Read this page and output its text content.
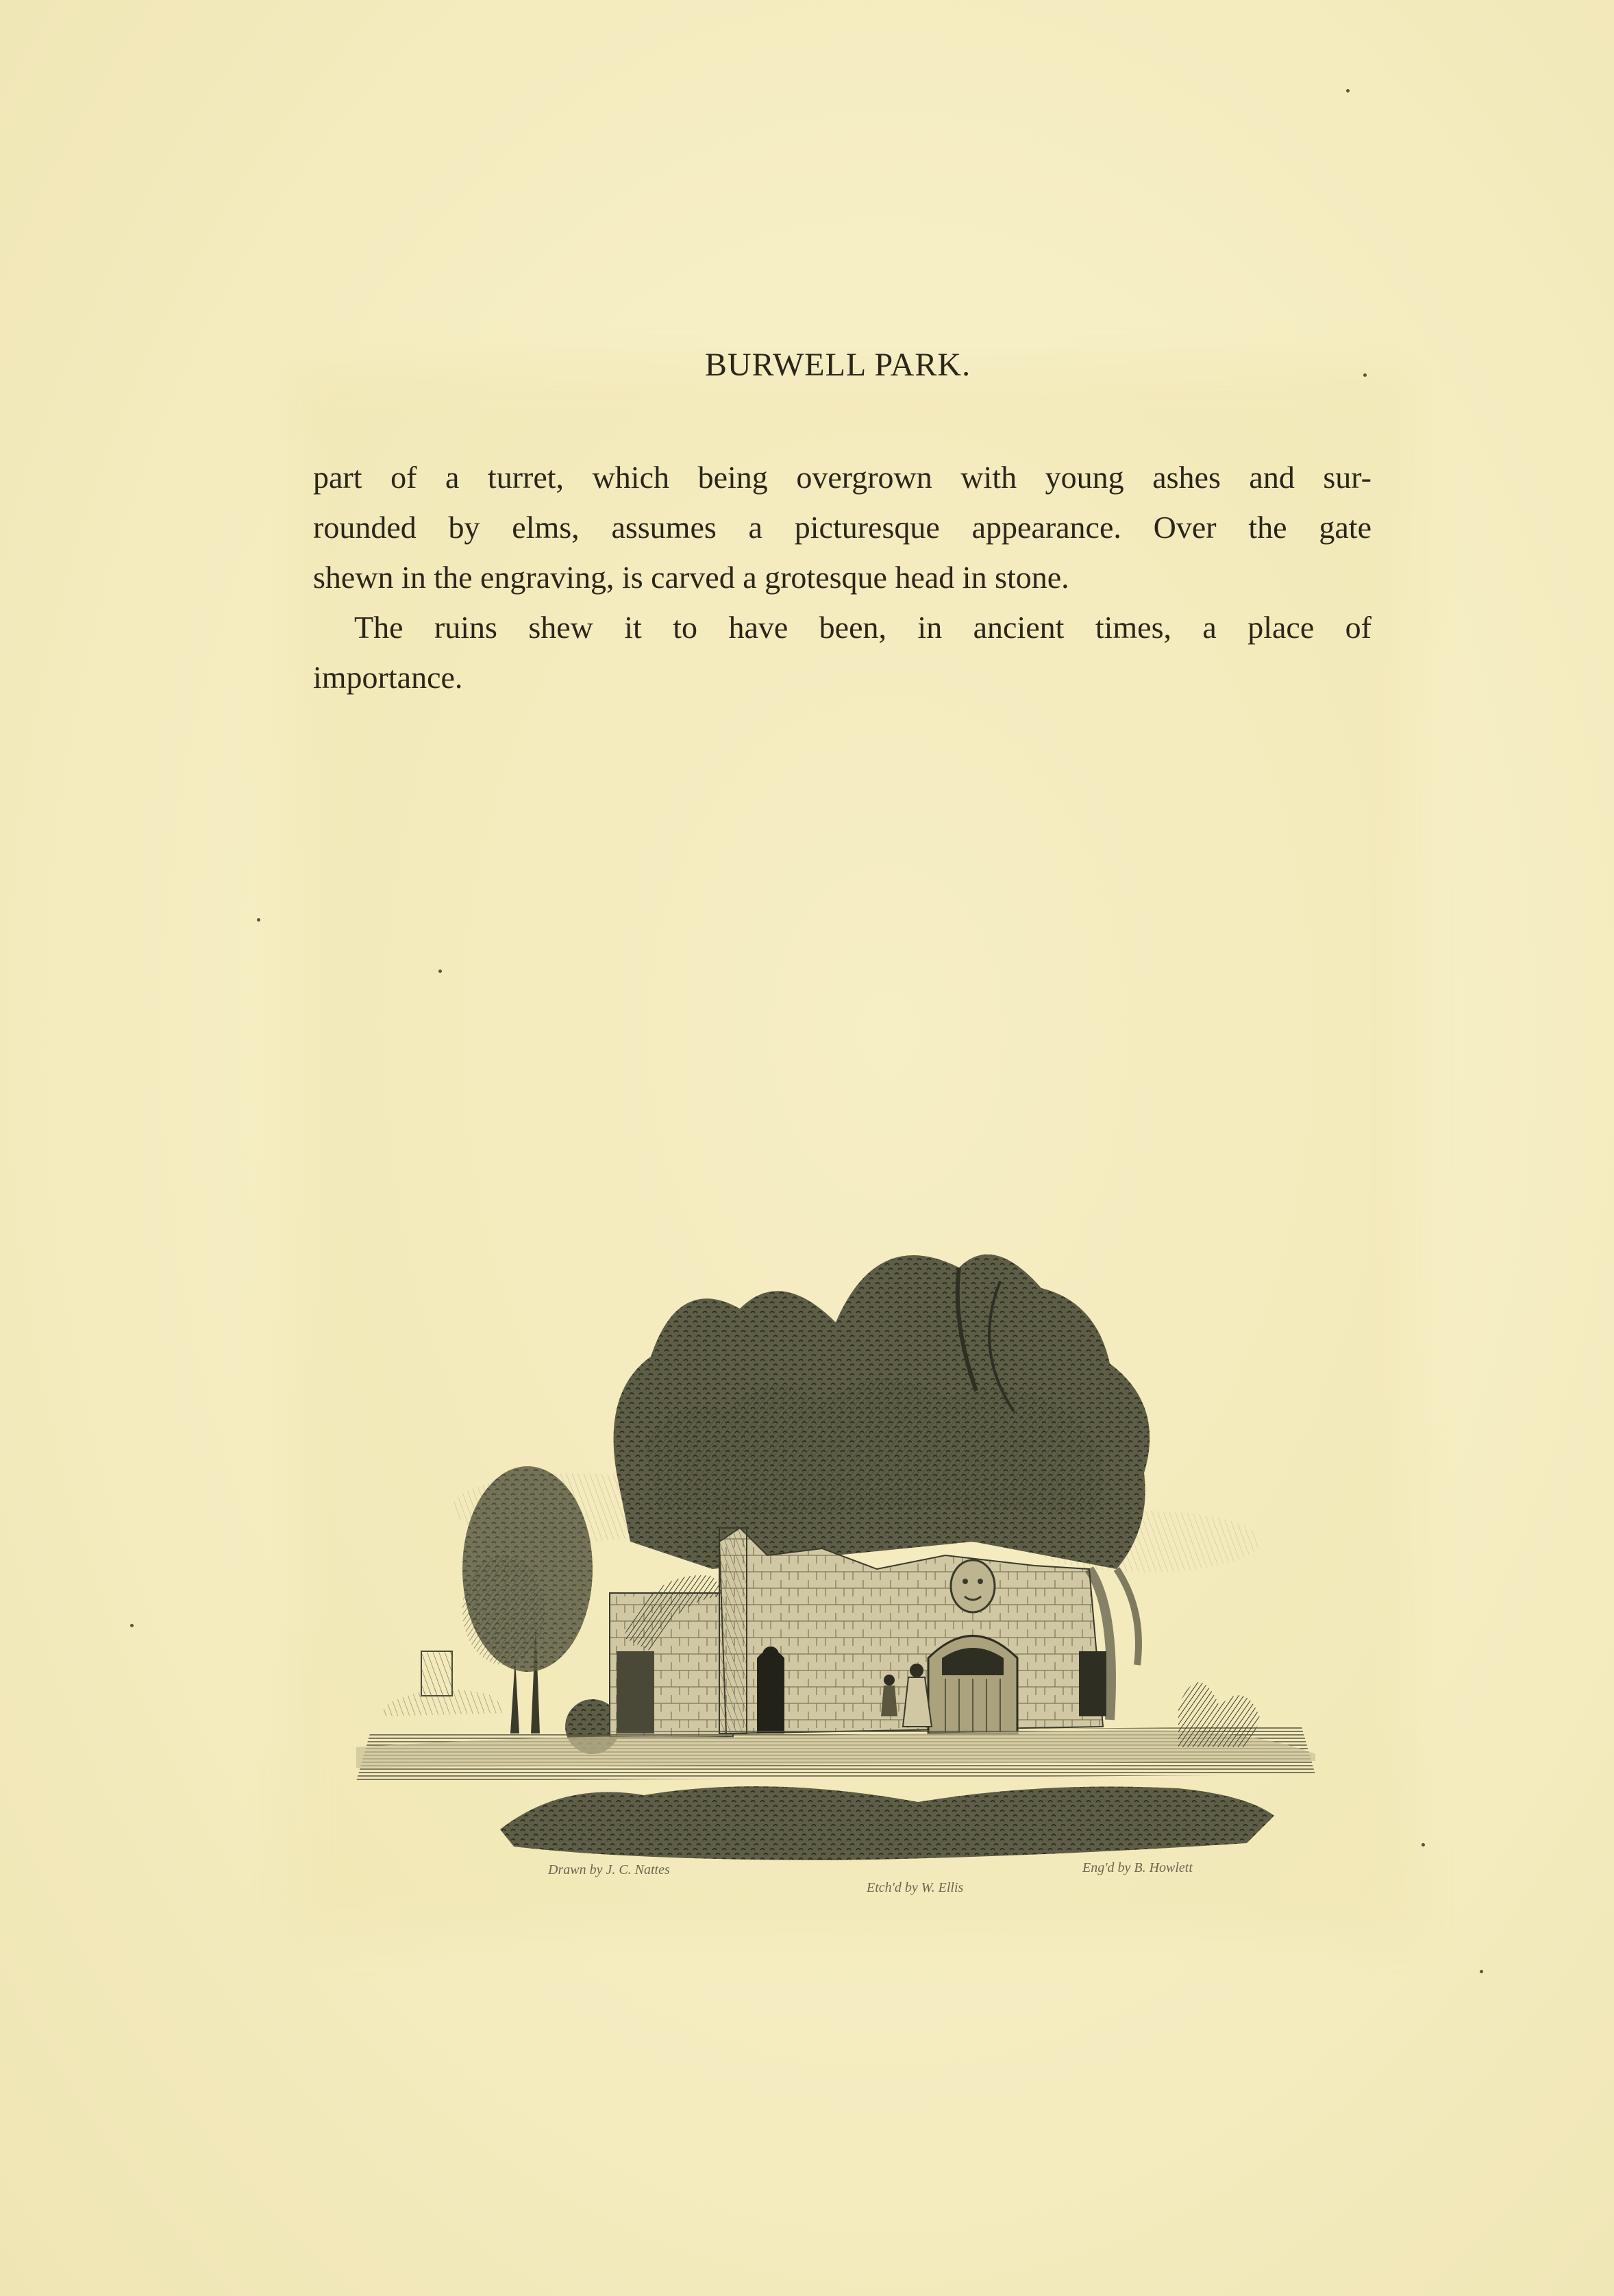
BURWELL PARK.

part of a turret, which being overgrown with young ashes and sur-

rounded by elms, assumes a picturesque appearance. Over the gate

shewn in the engraving, is carved a grotesque head in stone.

The ruins shew it to have been, in ancient times, a place of

importance.

Drawn by J. C. Nattes
Etch'd by W. Ellis
Eng'd by B. Howlett
